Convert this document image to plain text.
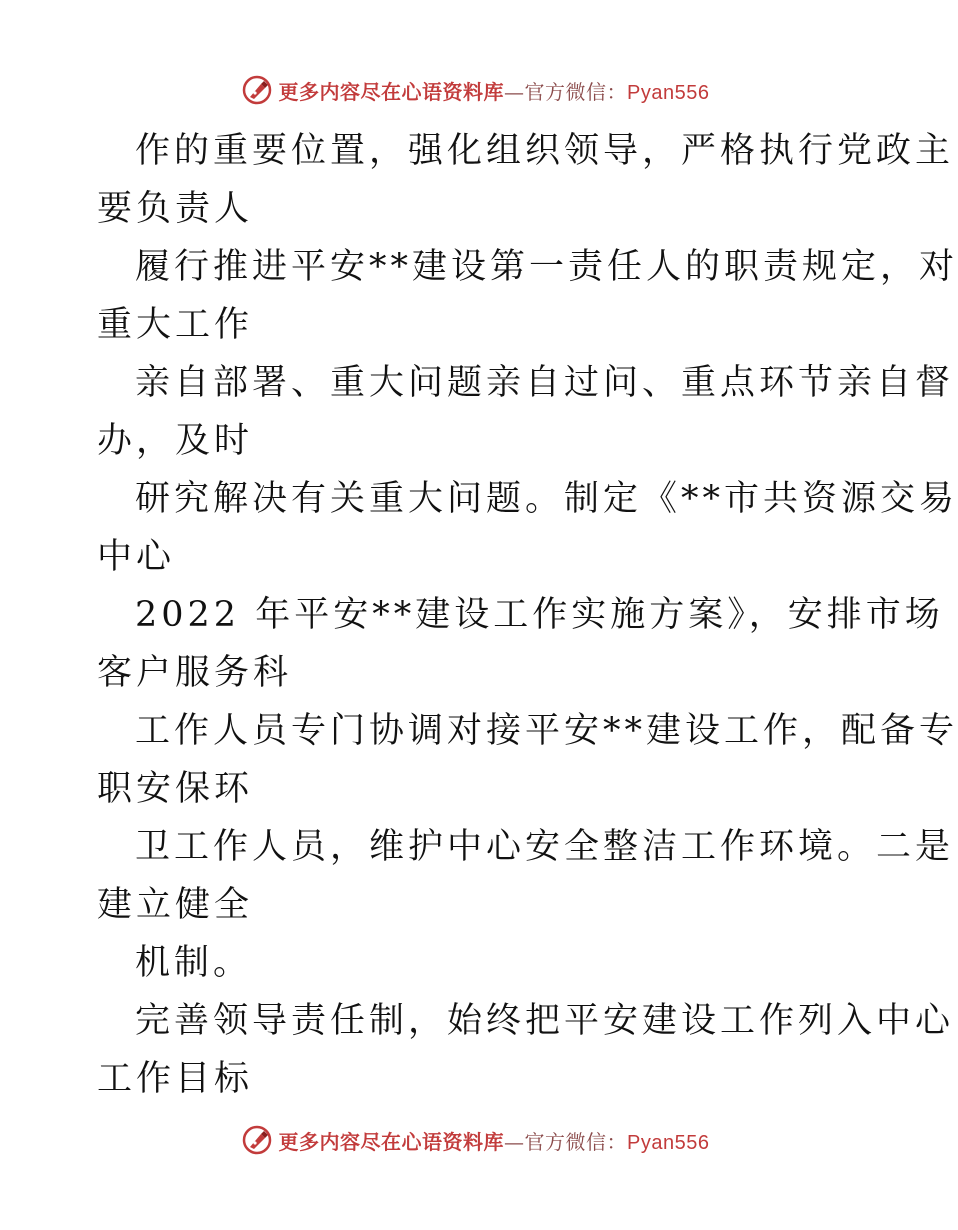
更多内容尽在心语资料库—官方微信：Pyan556
作的重要位置，强化组织领导，严格执行党政主
要负责人
履行推进平安**建设第一责任人的职责规定，对
重大工作
亲自部署、重大问题亲自过问、重点环节亲自督
办，及时
研究解决有关重大问题。制定《**市共资源交易
中心
2022 年平安**建设工作实施方案》，安排市场
客户服务科
工作人员专门协调对接平安**建设工作，配备专
职安保环
卫工作人员，维护中心安全整洁工作环境。二是
建立健全
机制。
完善领导责任制，始终把平安建设工作列入中心
工作目标
更多内容尽在心语资料库—官方微信：Pyan556
